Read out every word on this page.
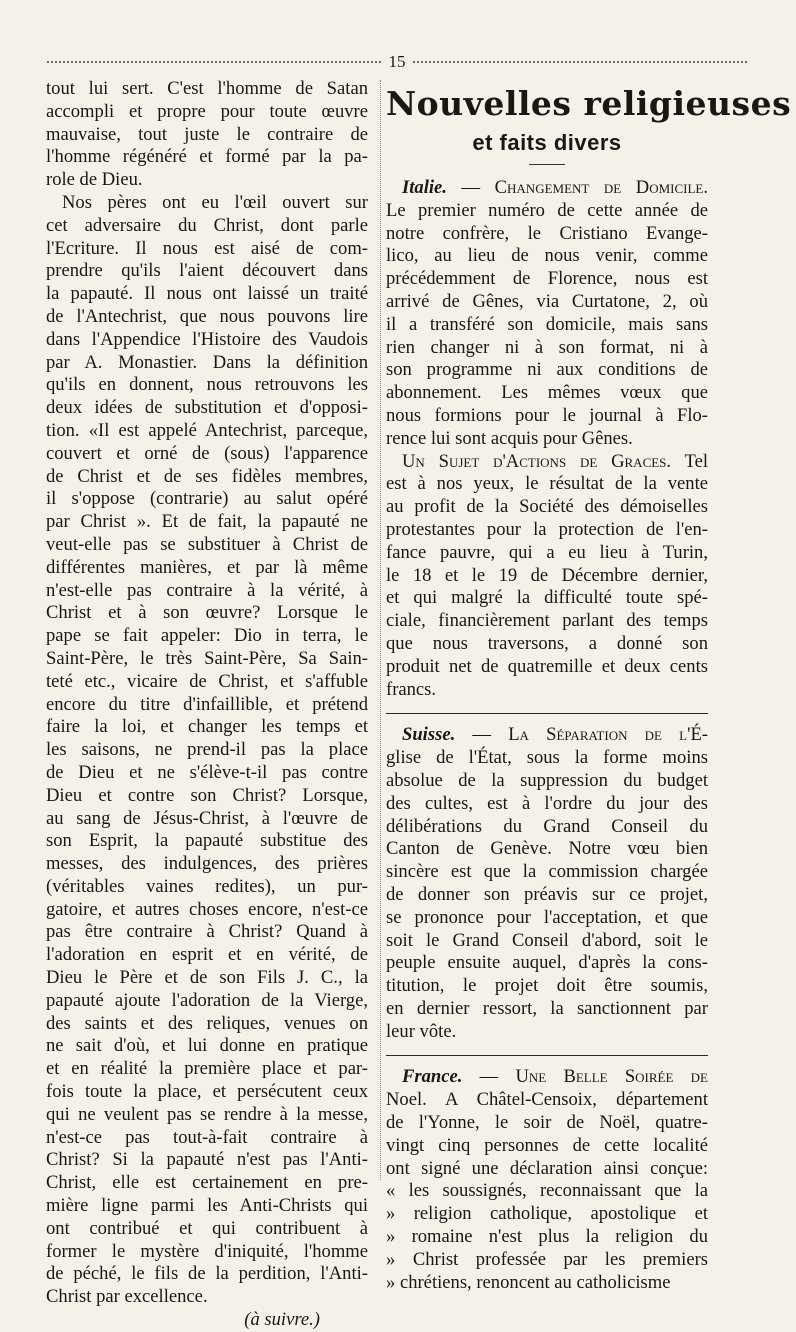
15
tout lui sert. C'est l'homme de Satan
accompli et propre pour toute œuvre
mauvaise, tout juste le contraire de
l'homme régénéré et formé par la pa-
role de Dieu.
Nos pères ont eu l'œil ouvert sur
cet adversaire du Christ, dont parle
l'Ecriture. Il nous est aisé de com-
prendre qu'ils l'aient découvert dans
la papauté. Il nous ont laissé un traité
de l'Antechrist, que nous pouvons lire
dans l'Appendice l'Histoire des Vaudois
par A. Monastier. Dans la définition
qu'ils en donnent, nous retrouvons les
deux idées de substitution et d'opposi-
tion. «Il est appelé Antechrist, parceque,
couvert et orné de (sous) l'apparence
de Christ et de ses fidèles membres,
il s'oppose (contrarie) au salut opéré
par Christ ». Et de fait, la papauté ne
veut-elle pas se substituer à Christ de
différentes manières, et par là même
n'est-elle pas contraire à la vérité, à
Christ et à son œuvre? Lorsque le
pape se fait appeler: Dio in terra, le
Saint-Père, le très Saint-Père, Sa Sain-
teté etc., vicaire de Christ, et s'affuble
encore du titre d'infaillible, et prétend
faire la loi, et changer les temps et
les saisons, ne prend-il pas la place
de Dieu et ne s'élève-t-il pas contre
Dieu et contre son Christ? Lorsque,
au sang de Jésus-Christ, à l'œuvre de
son Esprit, la papauté substitue des
messes, des indulgences, des prières
(véritables vaines redites), un pur-
gatoire, et autres choses encore, n'est-ce
pas être contraire à Christ? Quand à
l'adoration en esprit et en vérité, de
Dieu le Père et de son Fils J. C., la
papauté ajoute l'adoration de la Vierge,
des saints et des reliques, venues on
ne sait d'où, et lui donne en pratique
et en réalité la première place et par-
fois toute la place, et persécutent ceux
qui ne veulent pas se rendre à la messe,
n'est-ce pas tout-à-fait contraire à
Christ? Si la papauté n'est pas l'Anti-
Christ, elle est certainement en pre-
mière ligne parmi les Anti-Christs qui
ont contribué et qui contribuent à
former le mystère d'iniquité, l'homme
de péché, le fils de la perdition, l'Anti-
Christ par excellence.
(à suivre.)
Nouvelles religieuses
et faits divers
Italie. — Changement de Domicile.
Le premier numéro de cette année de
notre confrère, le Cristiano Evange-
lico, au lieu de nous venir, comme
précédemment de Florence, nous est
arrivé de Gênes, via Curtatone, 2, où
il a transféré son domicile, mais sans
rien changer ni à son format, ni à
son programme ni aux conditions de
abonnement. Les mêmes vœux que
nous formions pour le journal à Flo-
rence lui sont acquis pour Gênes.
Un Sujet d'Actions de Graces. Tel
est à nos yeux, le résultat de la vente
au profit de la Société des démoiselles
protestantes pour la protection de l'en-
fance pauvre, qui a eu lieu à Turin,
le 18 et le 19 de Décembre dernier,
et qui malgré la difficulté toute spé-
ciale, financièrement parlant des temps
que nous traversons, a donné son
produit net de quatremille et deux cents
francs.
Suisse. — La Séparation de l'É-
glise de l'État, sous la forme moins
absolue de la suppression du budget
des cultes, est à l'ordre du jour des
délibérations du Grand Conseil du
Canton de Genève. Notre vœu bien
sincère est que la commission chargée
de donner son préavis sur ce projet,
se prononce pour l'acceptation, et que
soit le Grand Conseil d'abord, soit le
peuple ensuite auquel, d'après la cons-
titution, le projet doit être soumis,
en dernier ressort, la sanctionnent par
leur vôte.
France. — Une Belle Soirée de
Noel. A Châtel-Censoix, département
de l'Yonne, le soir de Noël, quatre-
vingt cinq personnes de cette localité
ont signé une déclaration ainsi conçue:
« les soussignés, reconnaissant que la
» religion catholique, apostolique et
» romaine n'est plus la religion du
» Christ professée par les premiers
» chrétiens, renoncent au catholicisme
